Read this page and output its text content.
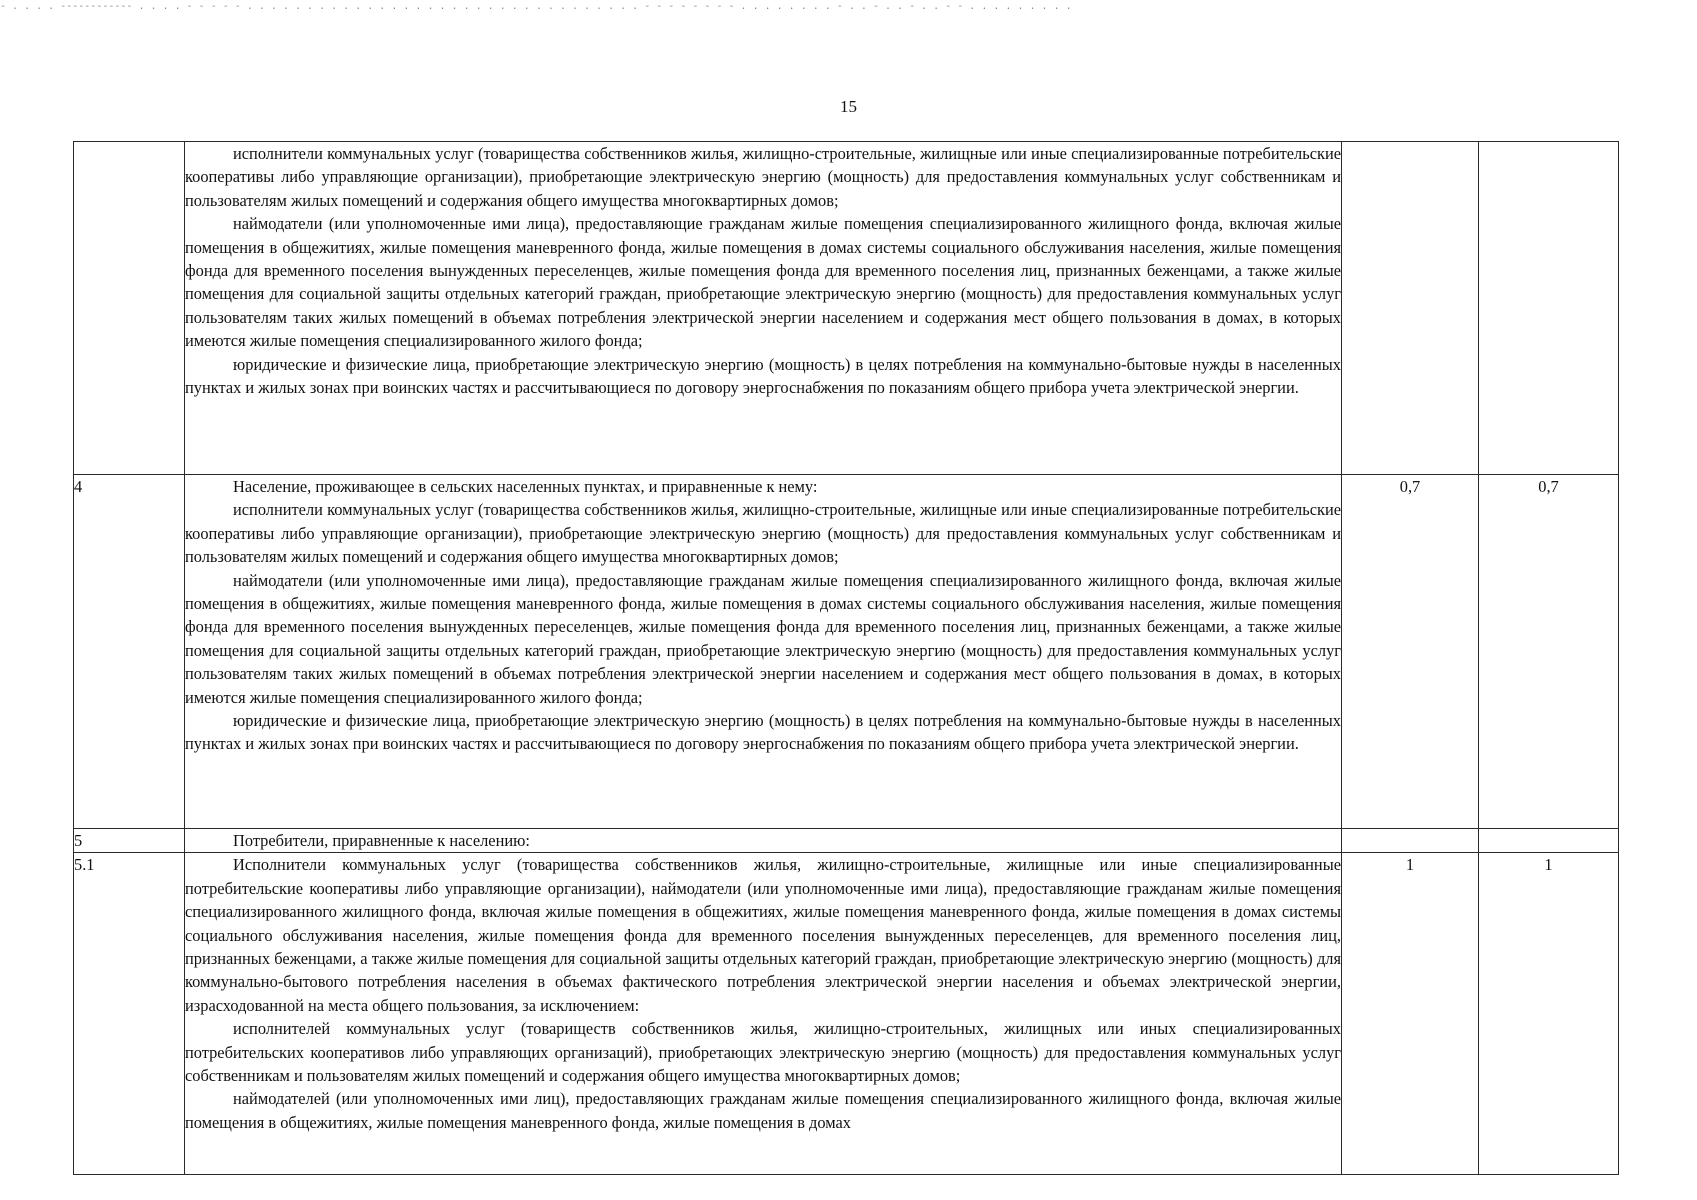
- . . . . ------------ . . . . - - - - - . . . . . . . . . . . . . . . . . . . . . . . . . . . . . . . . . - - - - - - - - . . . . . . . . - . . - . . - . . - - . . . . . . . . .
15

	исполнители коммунальных услуг (товарищества собственников жилья, жилищно-строительные, жилищные или иные специализированные потребительские кооперативы либо управляющие организации), приобретающие электрическую энергию (мощность) для предоставления коммунальных услуг собственникам и пользователям жилых помещений и содержания общего имущества многоквартирных домов;

наймодатели (или уполномоченные ими лица), предоставляющие гражданам жилые помещения специализированного жилищного фонда, включая жилые помещения в общежитиях, жилые помещения маневренного фонда, жилые помещения в домах системы социального обслуживания населения, жилые помещения фонда для временного поселения вынужденных переселенцев, жилые помещения фонда для временного поселения лиц, признанных беженцами, а также жилые помещения для социальной защиты отдельных категорий граждан, приобретающие электрическую энергию (мощность) для предоставления коммунальных услуг пользователям таких жилых помещений в объемах потребления электрической энергии населением и содержания мест общего пользования в домах, в которых имеются жилые помещения специализированного жилого фонда;

юридические и физические лица, приобретающие электрическую энергию (мощность) в целях потребления на коммунально-бытовые нужды в населенных пунктах и жилых зонах при воинских частях и рассчитывающиеся по договору энергоснабжения по показаниям общего прибора учета электрической энергии.		

4	Население, проживающее в сельских населенных пунктах, и приравненные к нему:

исполнители коммунальных услуг (товарищества собственников жилья, жилищно-строительные, жилищные или иные специализированные потребительские кооперативы либо управляющие организации), приобретающие электрическую энергию (мощность) для предоставления коммунальных услуг собственникам и пользователям жилых помещений и содержания общего имущества многоквартирных домов;

наймодатели (или уполномоченные ими лица), предоставляющие гражданам жилые помещения специализированного жилищного фонда, включая жилые помещения в общежитиях, жилые помещения маневренного фонда, жилые помещения в домах системы социального обслуживания населения, жилые помещения фонда для временного поселения вынужденных переселенцев, жилые помещения фонда для временного поселения лиц, признанных беженцами, а также жилые помещения для социальной защиты отдельных категорий граждан, приобретающие электрическую энергию (мощность) для предоставления коммунальных услуг пользователям таких жилых помещений в объемах потребления электрической энергии населением и содержания мест общего пользования в домах, в которых имеются жилые помещения специализированного жилого фонда;

юридические и физические лица, приобретающие электрическую энергию (мощность) в целях потребления на коммунально-бытовые нужды в населенных пунктах и жилых зонах при воинских частях и рассчитывающиеся по договору энергоснабжения по показаниям общего прибора учета электрической энергии.	0,7	0,7
5	Потребители, приравненные к населению:		

5.1	Исполнители коммунальных услуг (товарищества собственников жилья, жилищно-строительные, жилищные или иные специализированные потребительские кооперативы либо управляющие организации), наймодатели (или уполномоченные ими лица), предоставляющие гражданам жилые помещения специализированного жилищного фонда, включая жилые помещения в общежитиях, жилые помещения маневренного фонда, жилые помещения в домах системы социального обслуживания населения, жилые помещения фонда для временного поселения вынужденных переселенцев, для временного поселения лиц, признанных беженцами, а также жилые помещения для социальной защиты отдельных категорий граждан, приобретающие электрическую энергию (мощность) для коммунально-бытового потребления населения в объемах фактического потребления электрической энергии населения и объемах электрической энергии, израсходованной на места общего пользования, за исключением:

исполнителей коммунальных услуг (товариществ собственников жилья, жилищно-строительных, жилищных или иных специализированных потребительских кооперативов либо управляющих организаций), приобретающих электрическую энергию (мощность) для предоставления коммунальных услуг собственникам и пользователям жилых помещений и содержания общего имущества многоквартирных домов;

наймодателей (или уполномоченных ими лиц), предоставляющих гражданам жилые помещения специализированного жилищного фонда, включая жилые помещения в общежитиях, жилые помещения маневренного фонда, жилые помещения в домах	1	1
